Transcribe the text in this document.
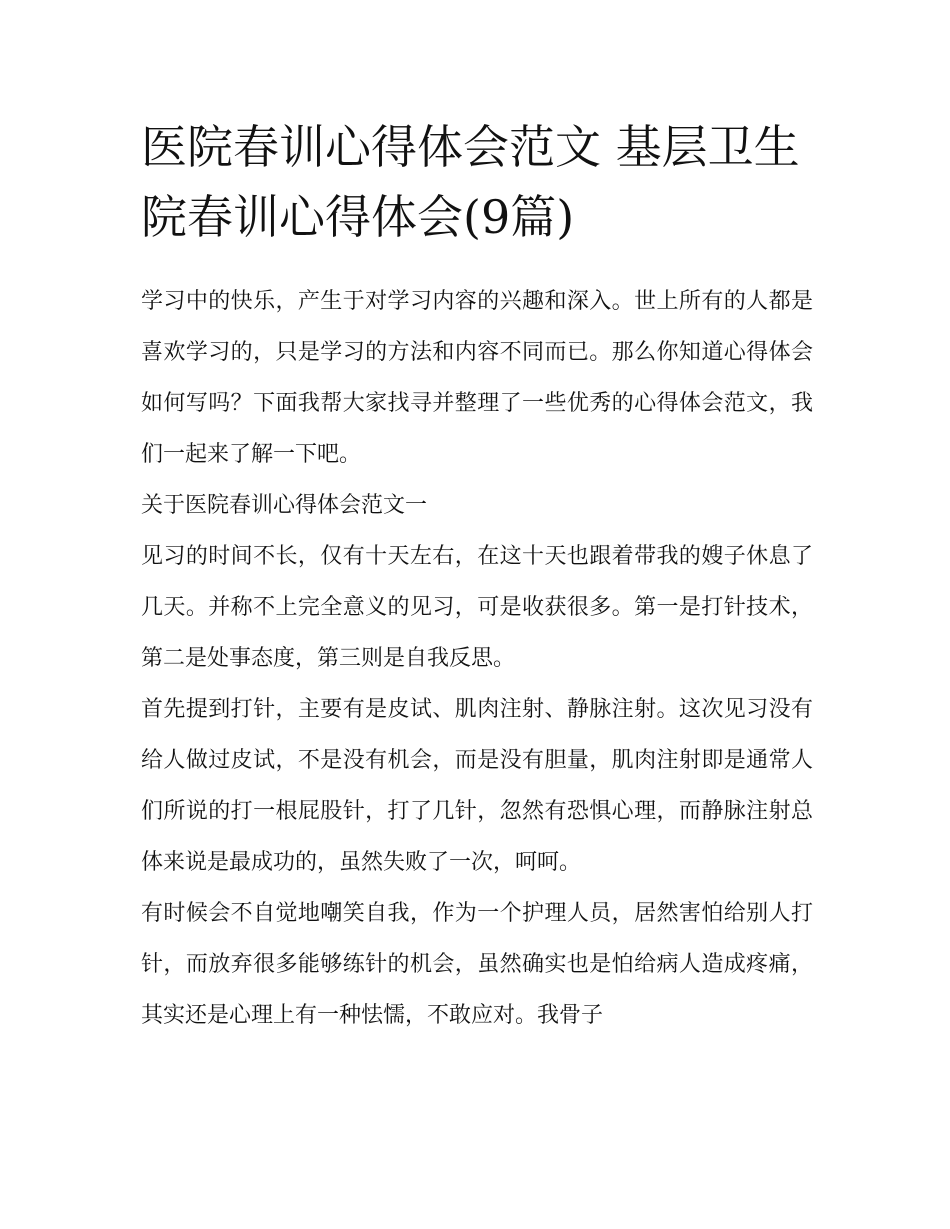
医院春训心得体会范文 基层卫生院春训心得体会(9篇)

学习中的快乐，产生于对学习内容的兴趣和深入。世上所有的人都是喜欢学习的，只是学习的方法和内容不同而已。那么你知道心得体会如何写吗？下面我帮大家找寻并整理了一些优秀的心得体会范文，我们一起来了解一下吧。

关于医院春训心得体会范文一

见习的时间不长，仅有十天左右，在这十天也跟着带我的嫂子休息了几天。并称不上完全意义的见习，可是收获很多。第一是打针技术，第二是处事态度，第三则是自我反思。

首先提到打针，主要有是皮试、肌肉注射、静脉注射。这次见习没有给人做过皮试，不是没有机会，而是没有胆量，肌肉注射即是通常人们所说的打一根屁股针，打了几针，忽然有恐惧心理，而静脉注射总体来说是最成功的，虽然失败了一次，呵呵。

有时候会不自觉地嘲笑自我，作为一个护理人员，居然害怕给别人打针，而放弃很多能够练针的机会，虽然确实也是怕给病人造成疼痛，其实还是心理上有一种怯懦，不敢应对。我骨子
